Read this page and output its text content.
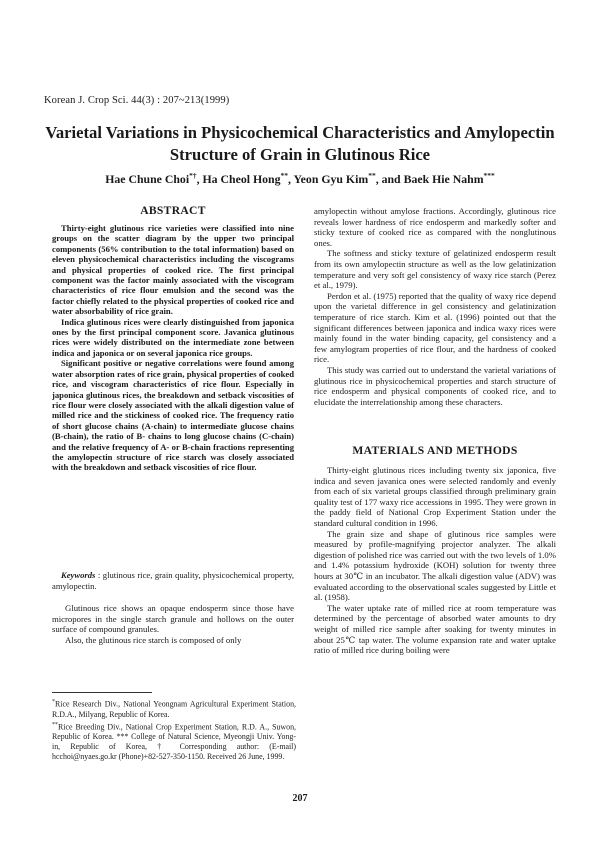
Korean J. Crop Sci. 44(3) : 207~213(1999)
Varietal Variations in Physicochemical Characteristics and Amylopectin Structure of Grain in Glutinous Rice
Hae Chune Choi*†, Ha Cheol Hong**, Yeon Gyu Kim**, and Baek Hie Nahm***
ABSTRACT

Thirty-eight glutinous rice varieties were classified into nine groups on the scatter diagram by the upper two principal components (56% contribution to the total information) based on eleven physicochemical characteristics including the viscograms and physical properties of cooked rice. The first principal component was the factor mainly associated with the viscogram characteristics of rice flour emulsion and the second was the factor chiefly related to the physical properties of cooked rice and water absorbability of rice grain.

Indica glutinous rices were clearly distinguished from japonica ones by the first principal component score. Javanica glutinous rices were widely distributed on the intermediate zone between indica and japonica or on several japonica rice groups.

Significant positive or negative correlations were found among water absorption rates of rice grain, physical properties of cooked rice, and viscogram characteristics of rice flour. Especially in japonica glutinous rices, the breakdown and setback viscosities of rice flour were closely associated with the alkali digestion value of milled rice and the stickiness of cooked rice. The frequency ratio of short glucose chains (A-chain) to intermediate glucose chains (B-chain), the ratio of B- chains to long glucose chains (C-chain) and the relative frequency of A- or B-chain fractions representing the amylopectin structure of rice starch was closely associated with the breakdown and setback viscosities of rice flour.

Keywords : glutinous rice, grain quality, physicochemical property, amylopectin.

Glutinous rice shows an opaque endosperm since those have micropores in the single starch granule and hollows on the outer surface of compound granules.

Also, the glutinous rice starch is composed of only

*Rice Research Div., National Yeongnam Agricultural Experiment Station, R.D.A., Milyang, Republic of Korea.

**Rice Breeding Div., National Crop Experiment Station, R.D. A., Suwon, Republic of Korea. *** College of Natural Science, Myeongji Univ. Yong-in, Republic of Korea, † Corresponding author: (E-mail) hcchoi@nyaes.go.kr (Phone)+82-527-350-1150. Received 26 June, 1999.

amylopectin without amylose fractions. Accordingly, glutinous rice reveals lower hardness of rice endosperm and markedly softer and sticky texture of cooked rice as compared with the nonglutinous ones.

The softness and sticky texture of gelatinized endosperm result from its own amylopectin structure as well as the low gelatinization temperature and very soft gel consistency of waxy rice starch (Perez et al., 1979).

Perdon et al. (1975) reported that the quality of waxy rice depend upon the varietal difference in gel consistency and gelatinization temperature of rice starch. Kim et al. (1996) pointed out that the significant differences between japonica and indica waxy rices were mainly found in the water binding capacity, gel consistency and a few amylogram properties of rice flour, and the hardness of cooked rice.

This study was carried out to understand the varietal variations of glutinous rice in physicochemical properties and starch structure of rice endosperm and physical components of cooked rice, and to elucidate the interrelationship among these characters.

MATERIALS AND METHODS

Thirty-eight glutinous rices including twenty six japonica, five indica and seven javanica ones were selected randomly and evenly from each of six varietal groups classified through preliminary grain quality test of 177 waxy rice accessions in 1995. They were grown in the paddy field of National Crop Experiment Station under the standard cultural condition in 1996.

The grain size and shape of glutinous rice samples were measured by profile-magnifying projector analyzer. The alkali digestion of polished rice was carried out with the two levels of 1.0% and 1.4% potassium hydroxide (KOH) solution for twenty three hours at 30℃ in an incubator. The alkali digestion value (ADV) was evaluated according to the observational scales suggested by Little et al. (1958).

The water uptake rate of milled rice at room temperature was determined by the percentage of absorbed water amounts to dry weight of milled rice sample after soaking for twenty minutes in about 25℃ tap water. The volume expansion rate and water uptake ratio of milled rice during boiling were

207
